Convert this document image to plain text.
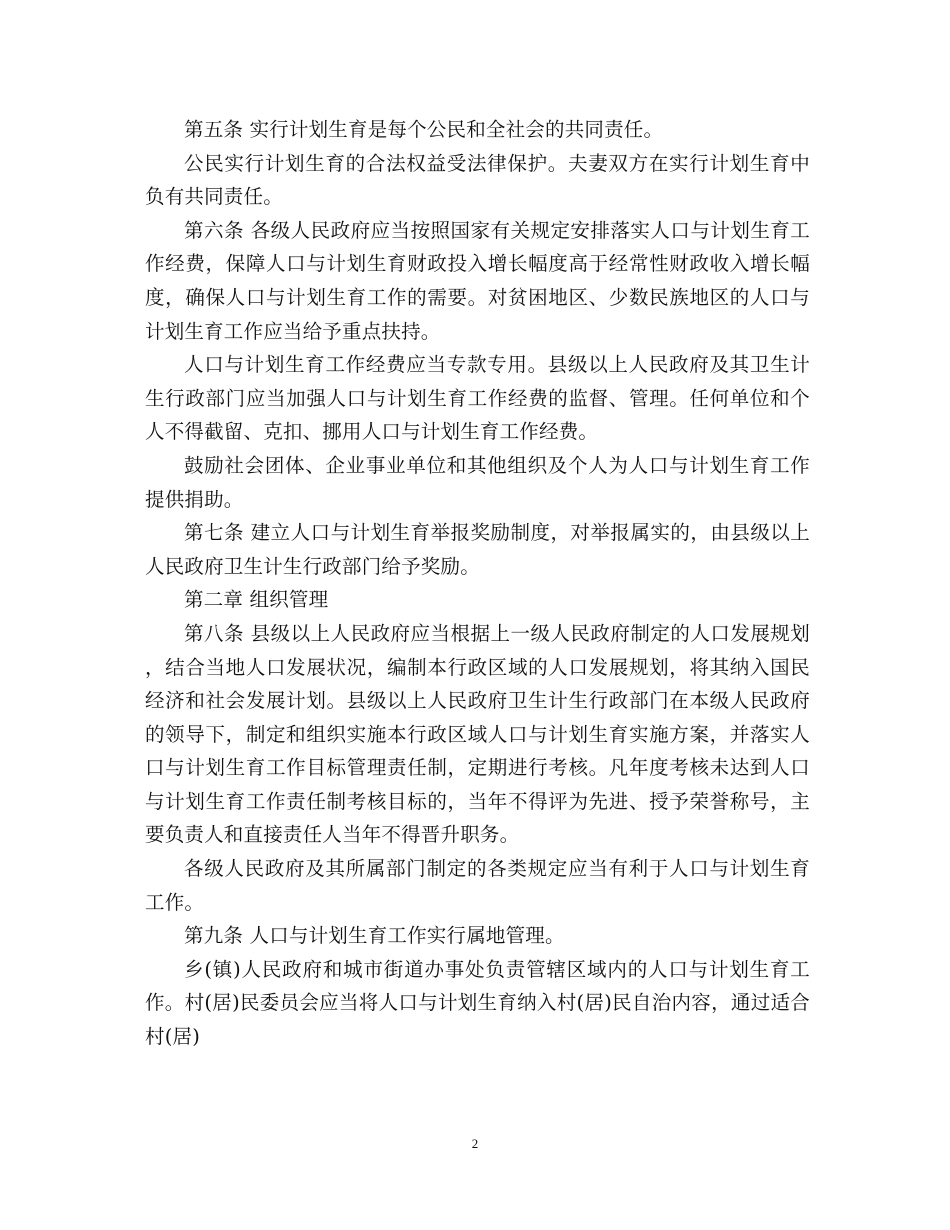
第五条 实行计划生育是每个公民和全社会的共同责任。

公民实行计划生育的合法权益受法律保护。夫妻双方在实行计划生育中负有共同责任。

第六条 各级人民政府应当按照国家有关规定安排落实人口与计划生育工作经费，保障人口与计划生育财政投入增长幅度高于经常性财政收入增长幅度，确保人口与计划生育工作的需要。对贫困地区、少数民族地区的人口与计划生育工作应当给予重点扶持。

人口与计划生育工作经费应当专款专用。县级以上人民政府及其卫生计生行政部门应当加强人口与计划生育工作经费的监督、管理。任何单位和个人不得截留、克扣、挪用人口与计划生育工作经费。

鼓励社会团体、企业事业单位和其他组织及个人为人口与计划生育工作提供捐助。

第七条 建立人口与计划生育举报奖励制度，对举报属实的，由县级以上人民政府卫生计生行政部门给予奖励。

第二章 组织管理

第八条 县级以上人民政府应当根据上一级人民政府制定的人口发展规划，结合当地人口发展状况，编制本行政区域的人口发展规划，将其纳入国民经济和社会发展计划。县级以上人民政府卫生计生行政部门在本级人民政府的领导下，制定和组织实施本行政区域人口与计划生育实施方案，并落实人口与计划生育工作目标管理责任制，定期进行考核。凡年度考核未达到人口与计划生育工作责任制考核目标的，当年不得评为先进、授予荣誉称号，主要负责人和直接责任人当年不得晋升职务。

各级人民政府及其所属部门制定的各类规定应当有利于人口与计划生育工作。

第九条 人口与计划生育工作实行属地管理。

乡(镇)人民政府和城市街道办事处负责管辖区域内的人口与计划生育工作。村(居)民委员会应当将人口与计划生育纳入村(居)民自治内容，通过适合村(居)

2
